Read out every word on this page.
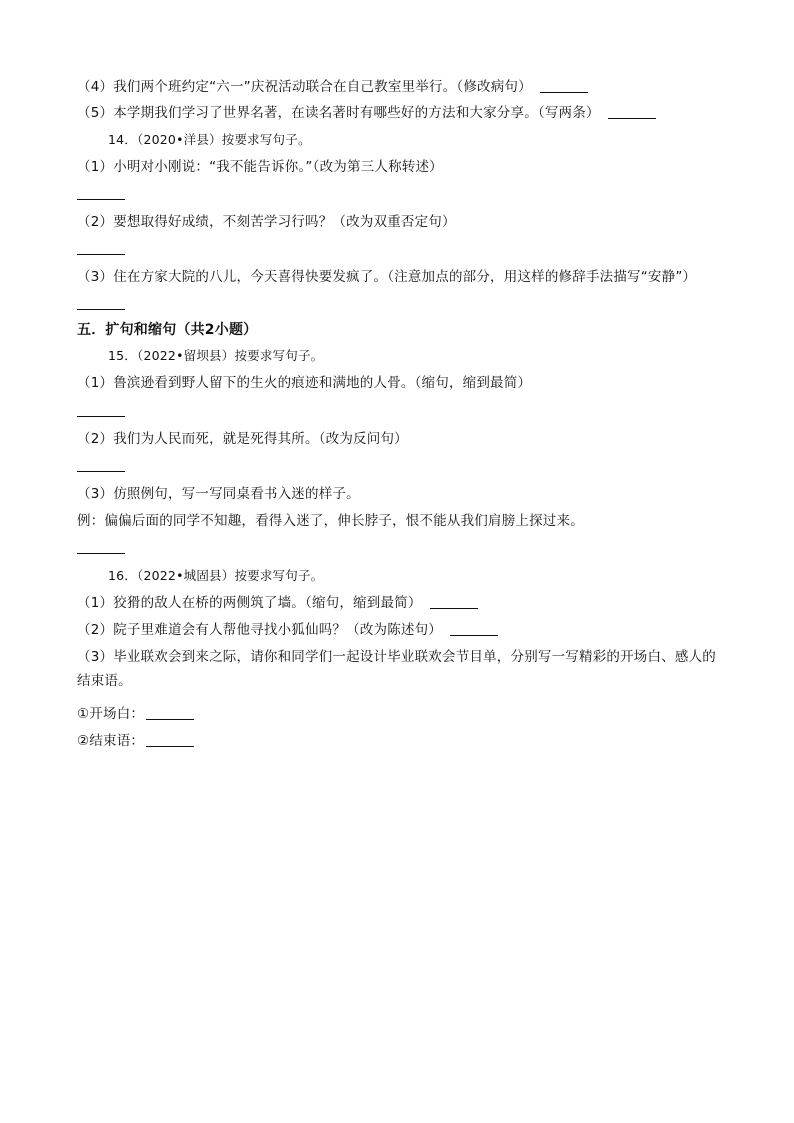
（4）我们两个班约定“六一”庆祝活动联合在自己教室里举行。（修改病句）
（5）本学期我们学习了世界名著，在读名著时有哪些好的方法和大家分享。（写两条）
14．（2020•洋县）按要求写句子。
（1）小明对小刚说：“我不能告诉你。”（改为第三人称转述）
（2）要想取得好成绩，不刻苦学习行吗？（改为双重否定句）
（3）住在方家大院的八儿，今天喜得快要发疯了。（注意加点的部分，用这样的修辞手法描写“安静”）
五．扩句和缩句（共2小题）
15．（2022•留坝县）按要求写句子。
（1）鲁滨逊看到野人留下的生火的痕迹和满地的人骨。（缩句，缩到最简）
（2）我们为人民而死，就是死得其所。（改为反问句）
（3）仿照例句，写一写同桌看书入迷的样子。
例：偏偏后面的同学不知趣，看得入迷了，伸长脖子，恨不能从我们肩膀上探过来。
16．（2022•城固县）按要求写句子。
（1）狡猾的敌人在桥的两侧筑了墙。（缩句，缩到最简）
（2）院子里难道会有人帮他寻找小狐仙吗？（改为陈述句）
（3）毕业联欢会到来之际，请你和同学们一起设计毕业联欢会节目单，分别写一写精彩的开场白、感人的结束语。
①开场白：
②结束语：
